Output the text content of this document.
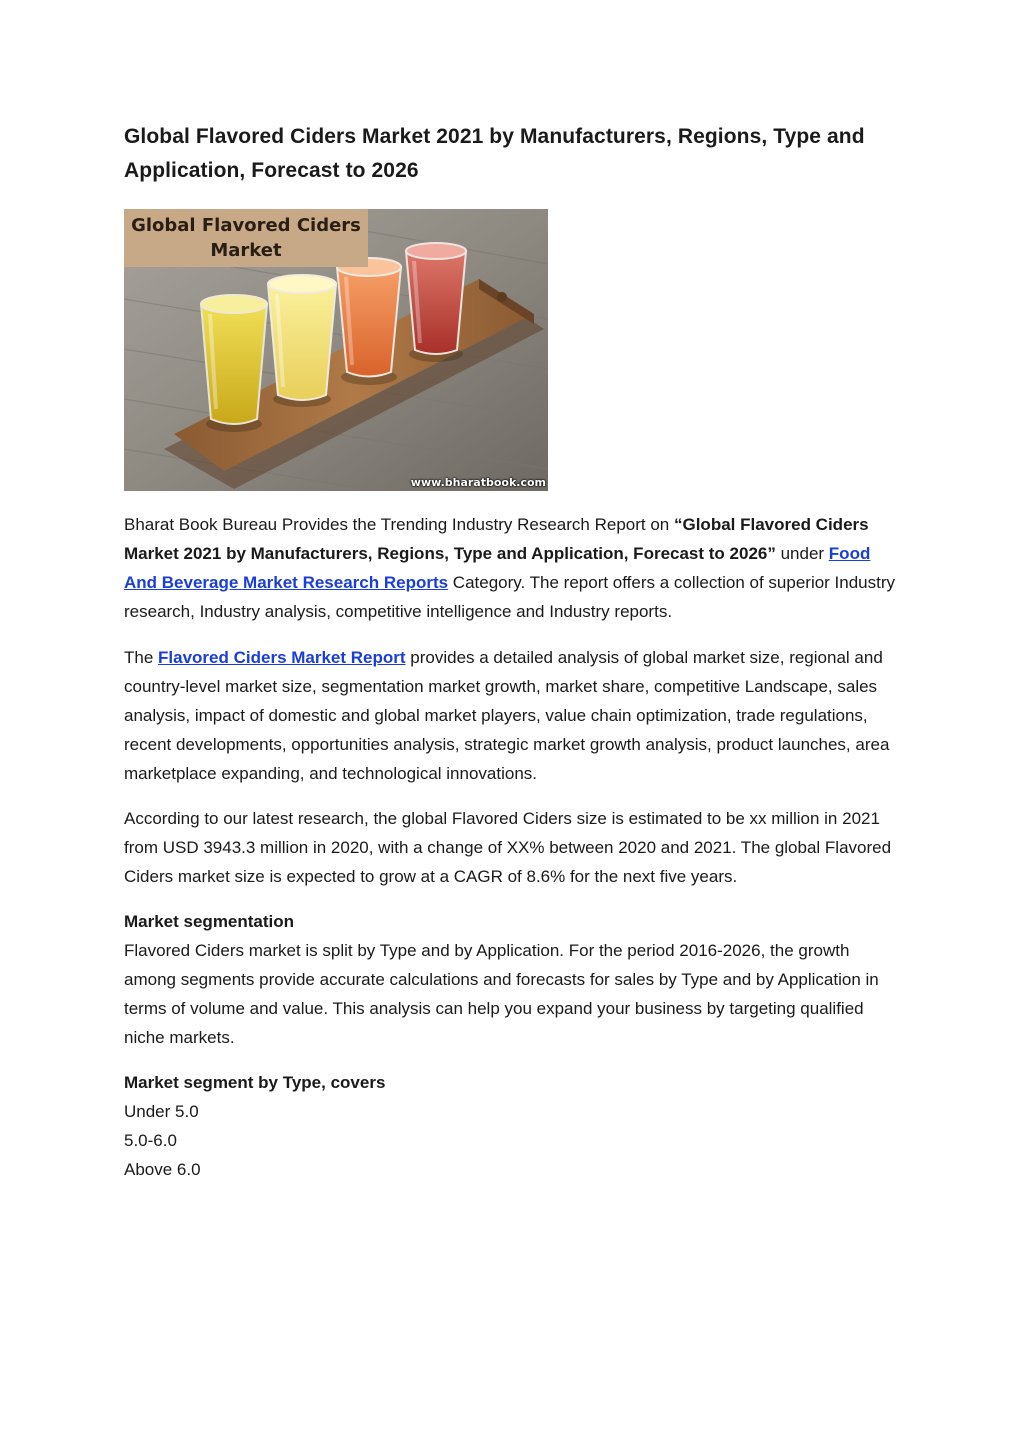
Global Flavored Ciders Market 2021 by Manufacturers, Regions, Type and Application, Forecast to 2026
Global Flavored Ciders
Market
www.bharatbook.com

Bharat Book Bureau Provides the Trending Industry Research Report on “Global Flavored Ciders Market 2021 by Manufacturers, Regions, Type and Application, Forecast to 2026” under Food And Beverage Market Research Reports Category. The report offers a collection of superior Industry research, Industry analysis, competitive intelligence and Industry reports.

The Flavored Ciders Market Report provides a detailed analysis of global market size, regional and country-level market size, segmentation market growth, market share, competitive Landscape, sales analysis, impact of domestic and global market players, value chain optimization, trade regulations, recent developments, opportunities analysis, strategic market growth analysis, product launches, area marketplace expanding, and technological innovations.

According to our latest research, the global Flavored Ciders size is estimated to be xx million in 2021 from USD 3943.3 million in 2020, with a change of XX% between 2020 and 2021. The global Flavored Ciders market size is expected to grow at a CAGR of 8.6% for the next five years.

Market segmentation
Flavored Ciders market is split by Type and by Application. For the period 2016-2026, the growth among segments provide accurate calculations and forecasts for sales by Type and by Application in terms of volume and value. This analysis can help you expand your business by targeting qualified niche markets.

Market segment by Type, covers
Under 5.0
5.0-6.0
Above 6.0
